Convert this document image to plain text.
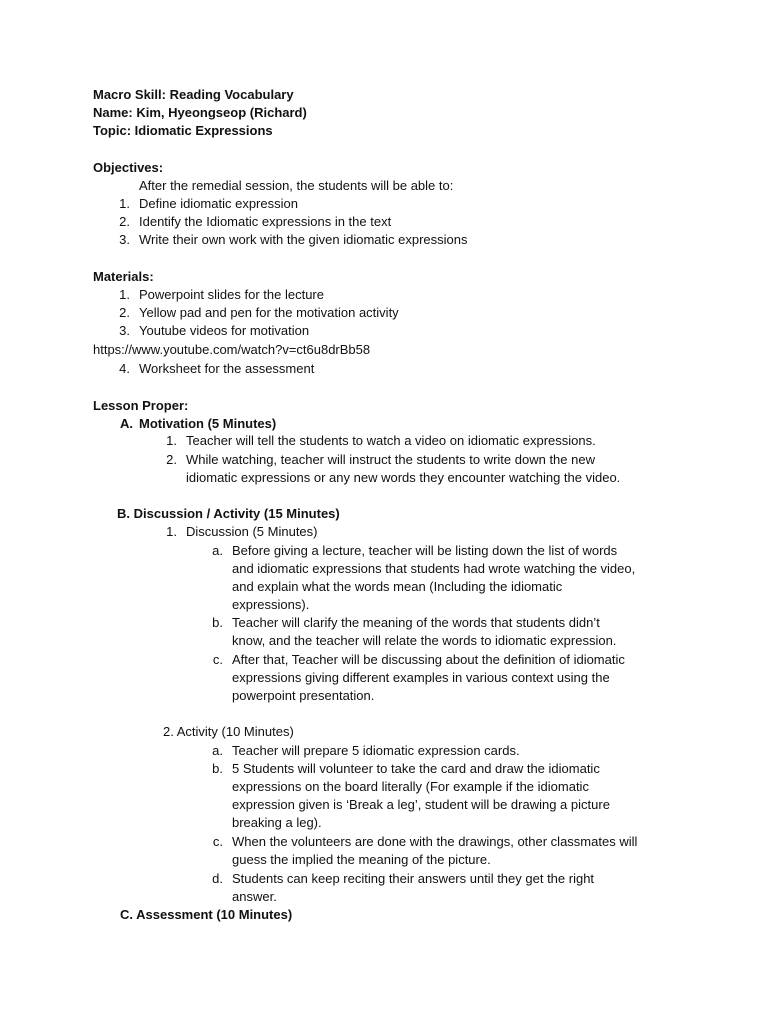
Macro Skill: Reading Vocabulary
Name: Kim, Hyeongseop (Richard)
Topic: Idiomatic Expressions
Objectives:
After the remedial session, the students will be able to:
1. Define idiomatic expression
2. Identify the Idiomatic expressions in the text
3. Write their own work with the given idiomatic expressions
Materials:
1. Powerpoint slides for the lecture
2. Yellow pad and pen for the motivation activity
3. Youtube videos for motivation
https://www.youtube.com/watch?v=ct6u8drBb58
4. Worksheet for the assessment
Lesson Proper:
A. Motivation (5 Minutes)
1. Teacher will tell the students to watch a video on idiomatic expressions.
2. While watching, teacher will instruct the students to write down the new
idiomatic expressions or any new words they encounter watching the video.
B. Discussion / Activity (15 Minutes)
1. Discussion (5 Minutes)
a. Before giving a lecture, teacher will be listing down the list of words
and idiomatic expressions that students had wrote watching the video,
and explain what the words mean (Including the idiomatic
expressions).
b. Teacher will clarify the meaning of the words that students didn’t
know, and the teacher will relate the words to idiomatic expression.
c. After that, Teacher will be discussing about the definition of idiomatic
expressions giving different examples in various context using the
powerpoint presentation.
2. Activity (10 Minutes)
a. Teacher will prepare 5 idiomatic expression cards.
b. 5 Students will volunteer to take the card and draw the idiomatic
expressions on the board literally (For example if the idiomatic
expression given is ‘Break a leg’, student will be drawing a picture
breaking a leg).
c. When the volunteers are done with the drawings, other classmates will
guess the implied the meaning of the picture.
d. Students can keep reciting their answers until they get the right
answer.
C. Assessment (10 Minutes)
